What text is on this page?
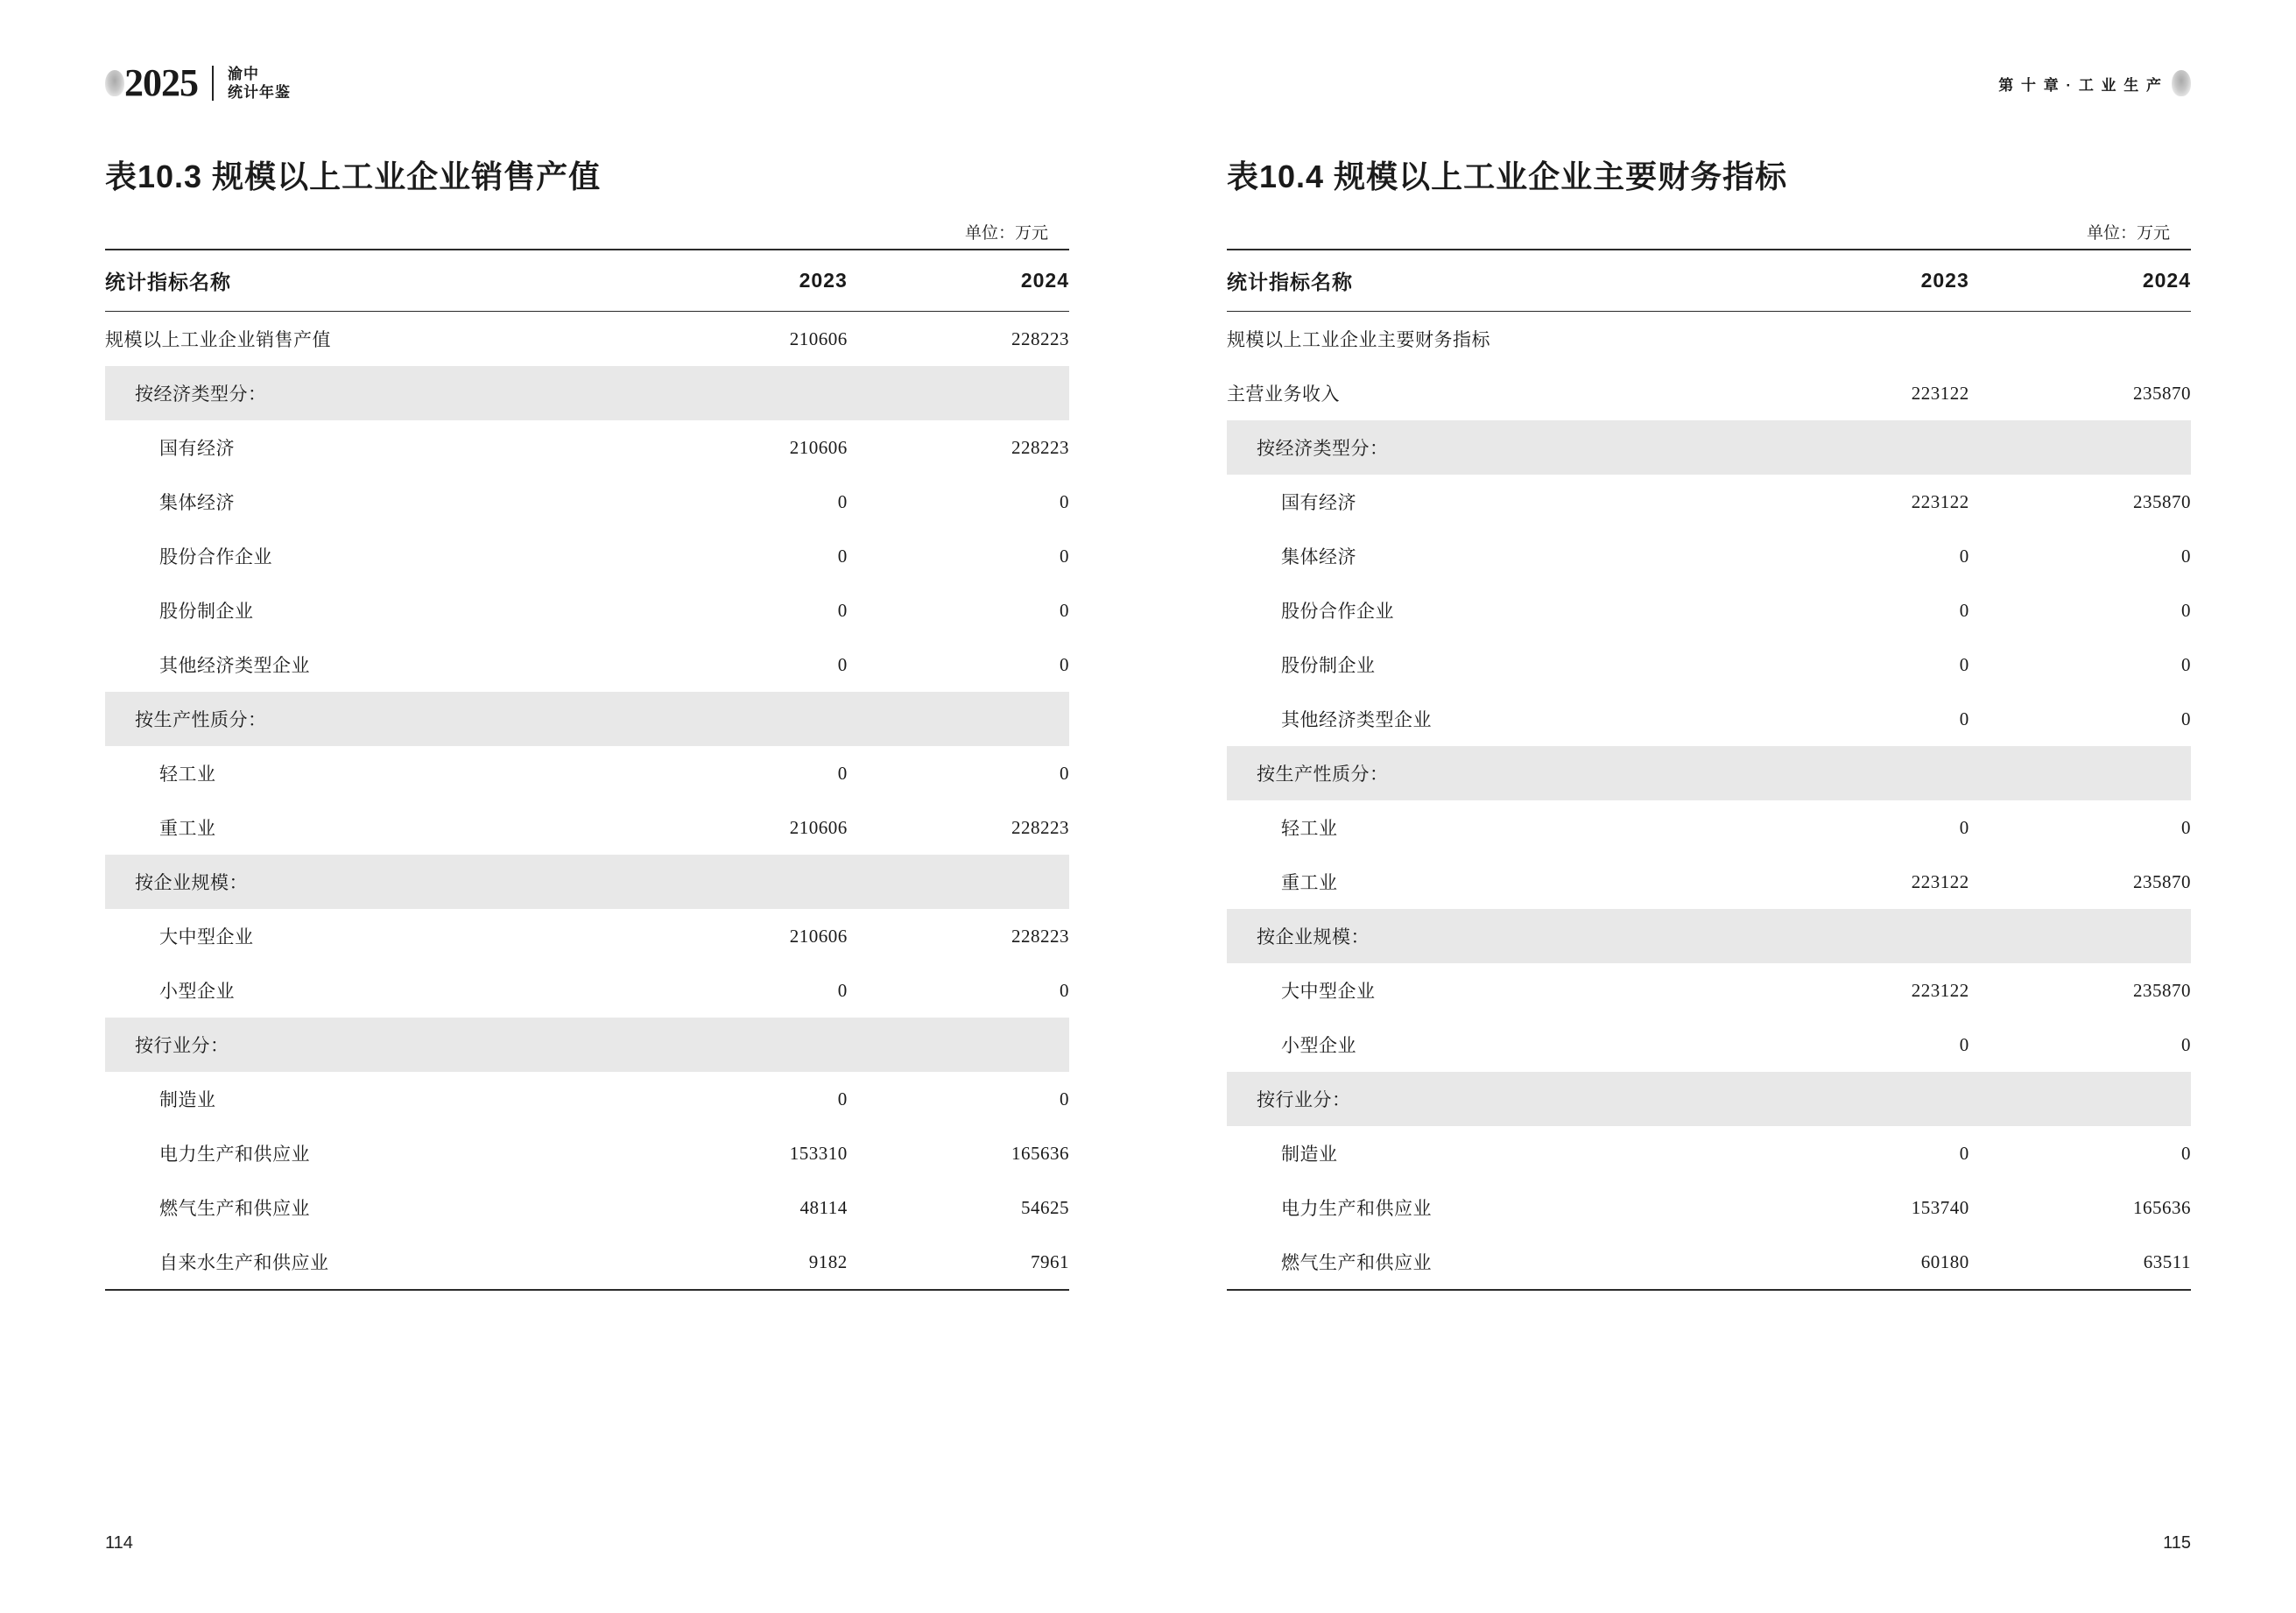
2025 渝中
统计年鉴
表10.3 规模以上工业企业销售产值
单位：万元
统计指标名称	2023	2024
规模以上工业企业销售产值	210606	228223
按经济类型分：		
国有经济	210606	228223
集体经济	0	0
股份合作企业	0	0
股份制企业	0	0
其他经济类型企业	0	0
按生产性质分：		
轻工业	0	0
重工业	210606	228223
按企业规模：		
大中型企业	210606	228223
小型企业	0	0
按行业分：		
制造业	0	0
电力生产和供应业	153310	165636
燃气生产和供应业	48114	54625
自来水生产和供应业	9182	7961
114
第 十 章 · 工 业 生 产
表10.4 规模以上工业企业主要财务指标
单位：万元
统计指标名称	2023	2024
规模以上工业企业主要财务指标		
主营业务收入	223122	235870
按经济类型分：		
国有经济	223122	235870
集体经济	0	0
股份合作企业	0	0
股份制企业	0	0
其他经济类型企业	0	0
按生产性质分：		
轻工业	0	0
重工业	223122	235870
按企业规模：		
大中型企业	223122	235870
小型企业	0	0
按行业分：		
制造业	0	0
电力生产和供应业	153740	165636
燃气生产和供应业	60180	63511
115
